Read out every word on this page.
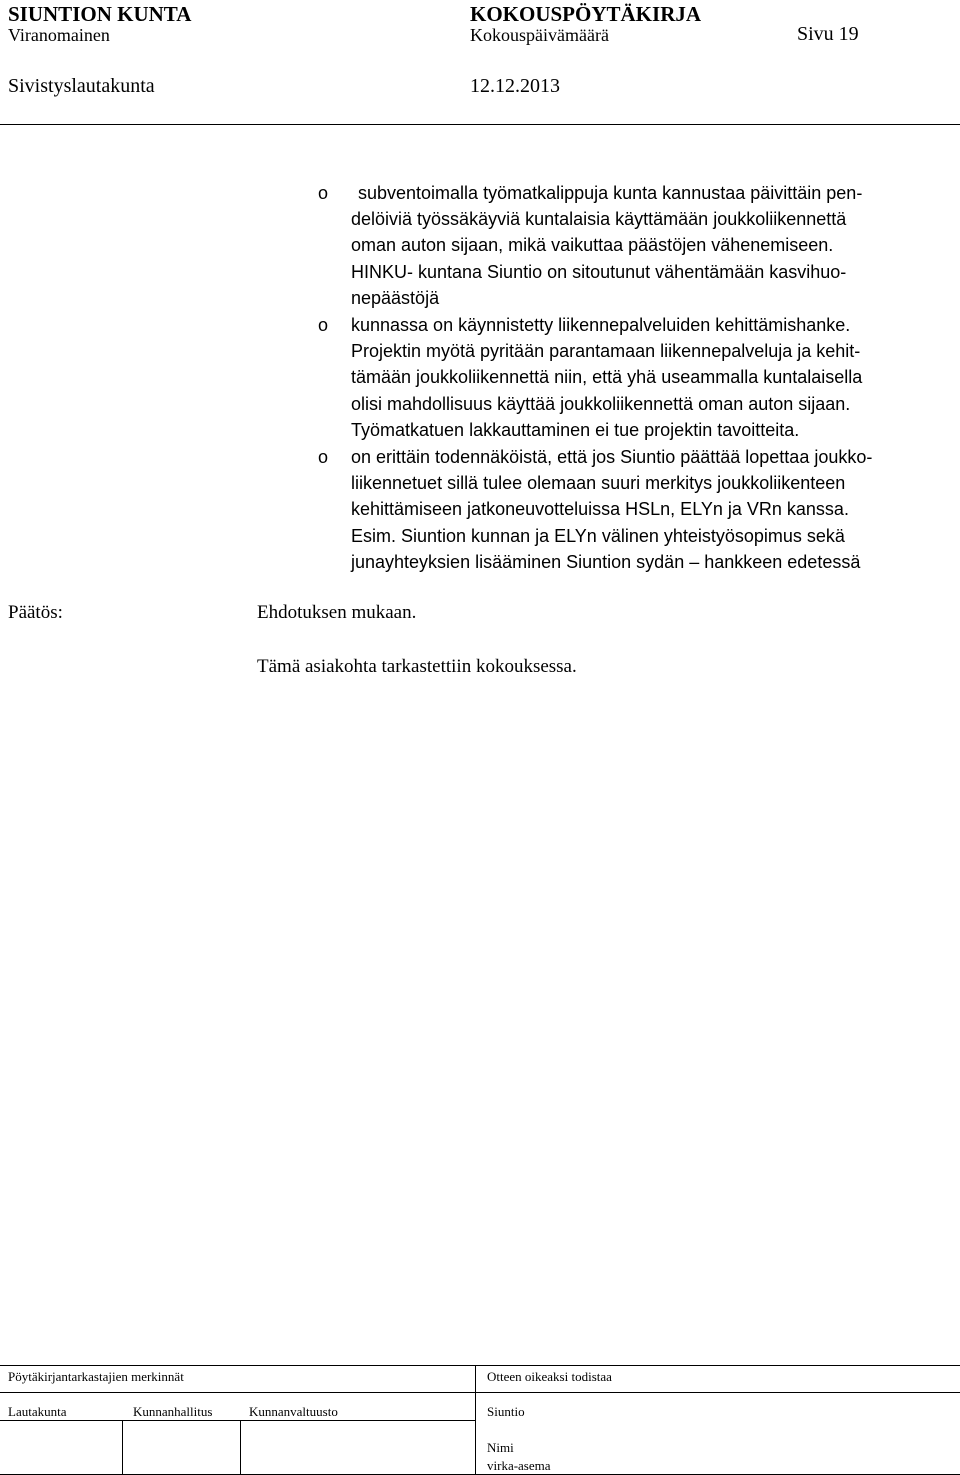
SIUNTION KUNTA	KOKOUSPÖYTÄKIRJA
Viranomainen	Kokouspäivämäärä	Sivu 19
Sivistyslautakunta	12.12.2013
o subventoimalla työmatkalippuja kunta kannustaa päivittäin pen-
delöiviä työssäkäyviä kuntalaisia käyttämään joukkoliikennettä
oman auton sijaan, mikä vaikuttaa päästöjen vähenemiseen.
HINKU- kuntana Siuntio on sitoutunut vähentämään kasvihuo-
nepäästöjä
o kunnassa on käynnistetty liikennepalveluiden kehittämishanke.
Projektin myötä pyritään parantamaan liikennepalveluja ja kehit-
tämään joukkoliikennettä niin, että yhä useammalla kuntalaisella
olisi mahdollisuus käyttää joukkoliikennettä oman auton sijaan.
Työmatkatuen lakkauttaminen ei tue projektin tavoitteita.
o on erittäin todennäköistä, että jos Siuntio päättää lopettaa joukko-
liikennetuet sillä tulee olemaan suuri merkitys joukkoliikenteen
kehittämiseen jatkoneuvotteluissa HSLn, ELYn ja VRn kanssa.
Esim. Siuntion kunnan ja ELYn välinen yhteistyösopimus sekä
junayhteyksien lisääminen Siuntion sydän – hankkeen edetessä
Päätös:	Ehdotuksen mukaan.
Tämä asiakohta tarkastettiin kokouksessa.
Pöytäkirjantarkastajien merkinnät	Otteen oikeaksi todistaa
Lautakunta	Kunnanhallitus	Kunnanvaltuusto	Siuntio
Nimi
virka-asema
